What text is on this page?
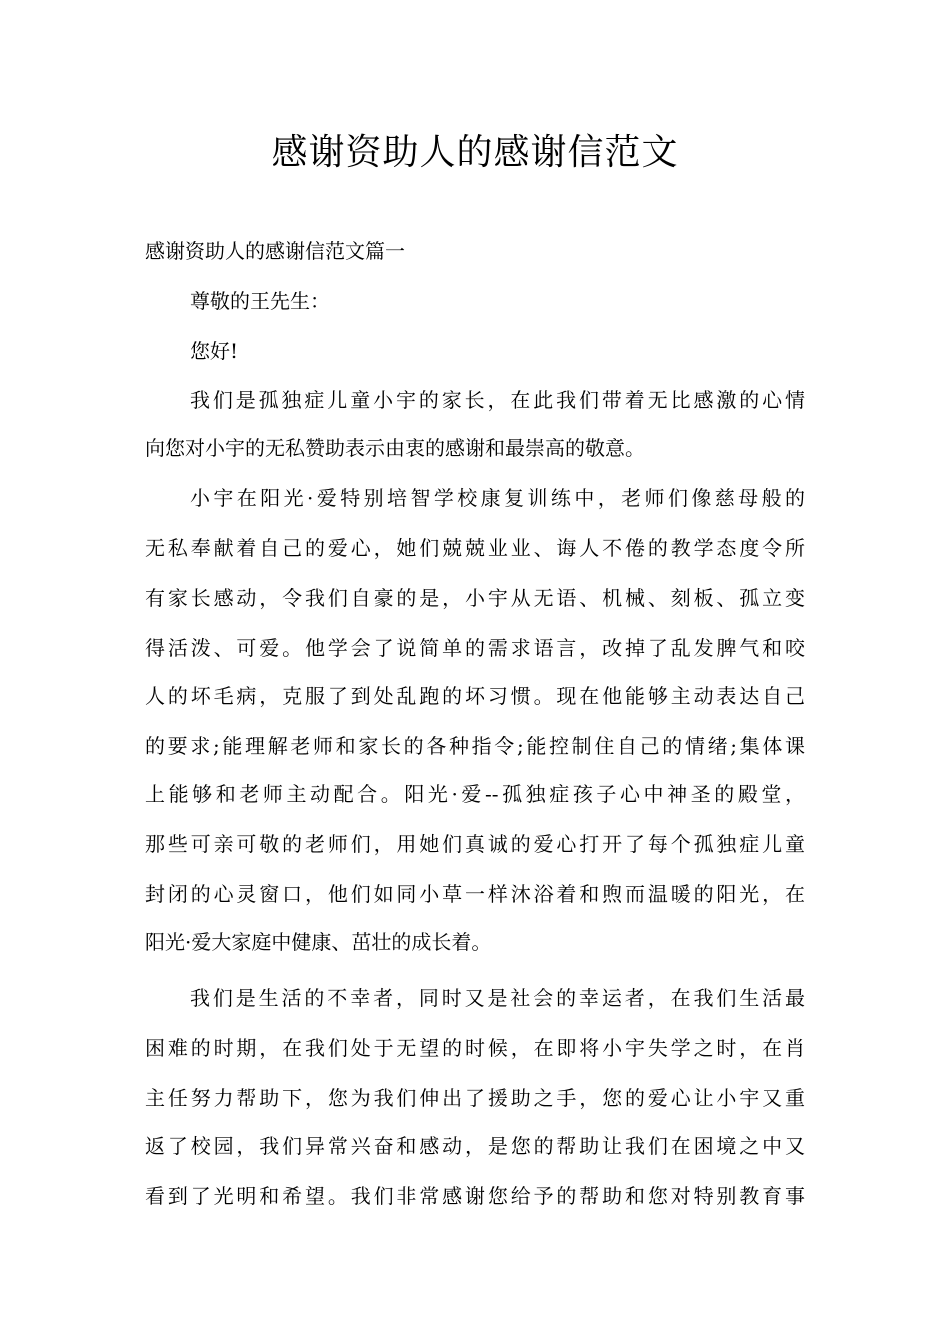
感谢资助人的感谢信范文

感谢资助人的感谢信范文篇一

尊敬的王先生：

您好!

我们是孤独症儿童小宇的家长，在此我们带着无比感激的心情

向您对小宇的无私赞助表示由衷的感谢和最崇高的敬意。

小宇在阳光·爱特别培智学校康复训练中，老师们像慈母般的

无私奉献着自己的爱心，她们兢兢业业、诲人不倦的教学态度令所

有家长感动，令我们自豪的是，小宇从无语、机械、刻板、孤立变

得活泼、可爱。他学会了说简单的需求语言，改掉了乱发脾气和咬

人的坏毛病，克服了到处乱跑的坏习惯。现在他能够主动表达自己

的要求;能理解老师和家长的各种指令;能控制住自己的情绪;集体课

上能够和老师主动配合。阳光·爱--孤独症孩子心中神圣的殿堂，

那些可亲可敬的老师们，用她们真诚的爱心打开了每个孤独症儿童

封闭的心灵窗口，他们如同小草一样沐浴着和煦而温暖的阳光，在

阳光·爱大家庭中健康、茁壮的成长着。

我们是生活的不幸者，同时又是社会的幸运者，在我们生活最

困难的时期，在我们处于无望的时候，在即将小宇失学之时，在肖

主任努力帮助下，您为我们伸出了援助之手，您的爱心让小宇又重

返了校园，我们异常兴奋和感动，是您的帮助让我们在困境之中又

看到了光明和希望。我们非常感谢您给予的帮助和您对特别教育事
